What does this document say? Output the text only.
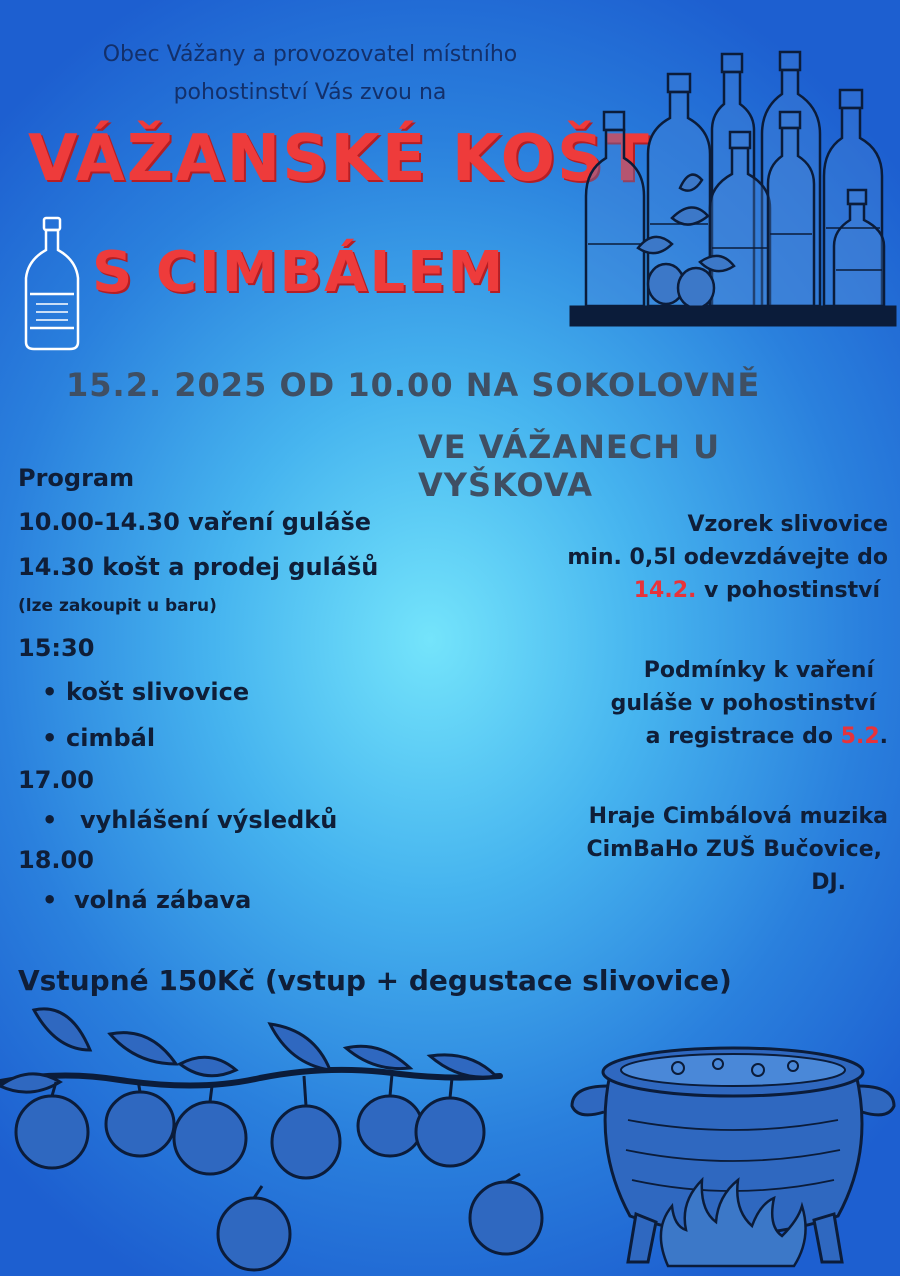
Obec Vážany a provozovatel místního
pohostinství Vás zvou na
VÁŽANSKÉ KOŠT
S CIMBÁLEM
15.2. 2025 OD 10.00 NA SOKOLOVNĚ
VE VÁŽANECH U VYŠKOVA
Program
10.00-14.30 vaření guláše
14.30 košt a prodej gulášů
(lze zakoupit u baru)
15:30
• košt slivovice
• cimbál
17.00
• vyhlášení výsledků
18.00
• volná zábava
Vzorek slivovice
min. 0,5l odevzdávejte do
14.2. v pohostinství
Podmínky k vaření
guláše v pohostinství
a registrace do 5.2.
Hraje Cimbálová muzika
CimBaHo ZUŠ Bučovice,
DJ.
Vstupné 150Kč (vstup + degustace slivovice)
